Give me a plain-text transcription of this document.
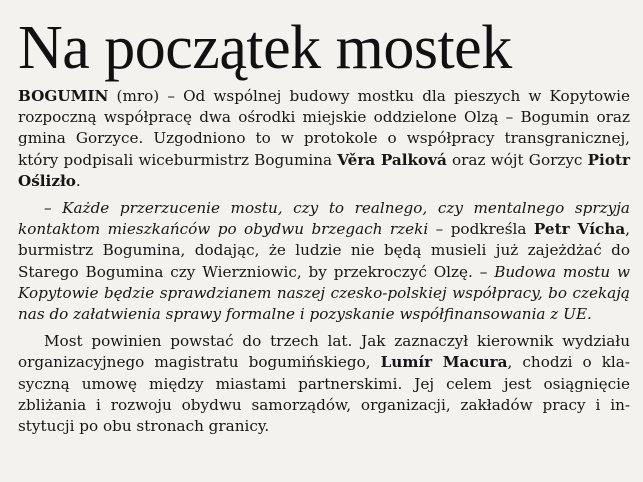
Na początek mostek

BOGUMIN (mro) – Od wspólnej budowy mostku dla pieszych w Kopytowie rozpoczną współpracę dwa ośrodki miejskie oddzielone Olzą – Bogumin oraz gmina Gorzyce. Uzgodniono to w protokole o współpracy transgranicznej, który podpisali wiceburmistrz Bogumina Věra Palková oraz wójt Gorzyc Piotr Oślizło.

– Każde przerzucenie mostu, czy to realnego, czy mentalnego sprzyja kontaktom mieszkańców po obydwu brzegach rzeki – podkreśla Petr Vícha, burmistrz Bogumina, dodając, że ludzie nie będą musieli już zajeżdżać do Starego Bogumina czy Wierzniowic, by przekroczyć Olzę. – Budowa mostu w Kopytowie będzie sprawdzianem naszej czesko-polskiej współpracy, bo czekają nas do załatwienia sprawy formalne i pozyskanie współfinansowania z UE.

Most powinien powstać do trzech lat. Jak zaznaczył kierownik wydziału organizacyjnego magistratu bogumińskiego, Lumír Macura, chodzi o klasyczną umowę między miastami partnerskimi. Jej celem jest osiągnięcie zbliżania i rozwoju obydwu samorządów, organizacji, zakładów pracy i instytucji po obu stronach granicy.
